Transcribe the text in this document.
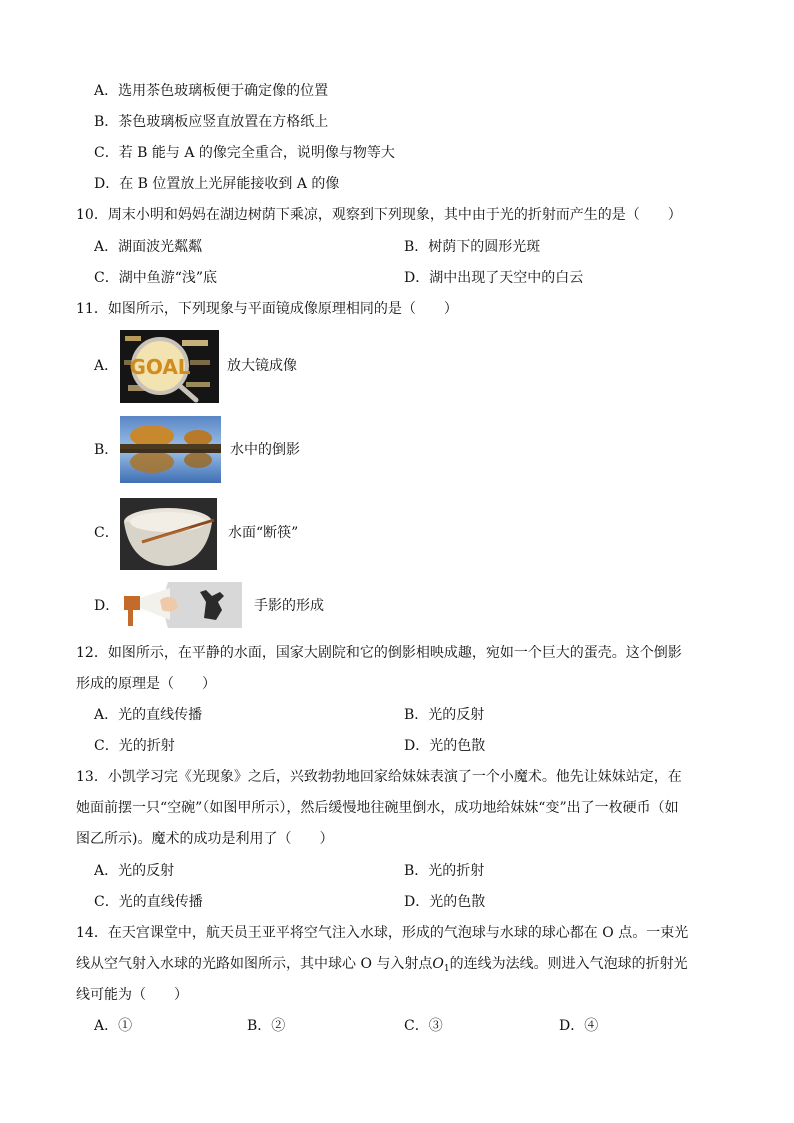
A．选用茶色玻璃板便于确定像的位置
B．茶色玻璃板应竖直放置在方格纸上
C．若 B 能与 A 的像完全重合，说明像与物等大
D．在 B 位置放上光屏能接收到 A 的像
10．周末小明和妈妈在湖边树荫下乘凉，观察到下列现象，其中由于光的折射而产生的是（　　）
A．湖面波光粼粼	B．树荫下的圆形光斑
C．湖中鱼游“浅”底	D．湖中出现了天空中的白云
11．如图所示，下列现象与平面镜成像原理相同的是（　　）
A． GOAL	放大镜成像
B．	水中的倒影
C．	水面“断筷”
D．	手影的形成
12．如图所示，在平静的水面，国家大剧院和它的倒影相映成趣，宛如一个巨大的蛋壳。这个倒影
形成的原理是（　　）
A．光的直线传播	B．光的反射
C．光的折射	D．光的色散
13．小凯学习完《光现象》之后，兴致勃勃地回家给妹妹表演了一个小魔术。他先让妹妹站定，在
她面前摆一只“空碗”（如图甲所示），然后缓慢地往碗里倒水，成功地给妹妹“变”出了一枚硬币（如
图乙所示)。魔术的成功是利用了（　　）
A．光的反射	B．光的折射
C．光的直线传播	D．光的色散
14．在天宫课堂中，航天员王亚平将空气注入水球，形成的气泡球与水球的球心都在 O 点。一束光
线从空气射入水球的光路如图所示，其中球心 O 与入射点$O_1$的连线为法线。则进入气泡球的折射光
线可能为（　　）
A．①	B．②	C．③	D．④
